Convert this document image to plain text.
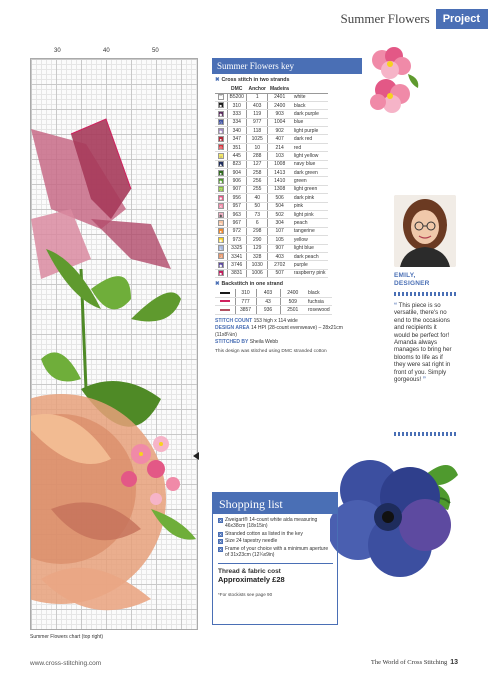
Summer Flowers	Project
30	40	50
Summer Flowers chart (top right)
Summer Flowers key
✖ Cross stitch in two strands
	DMC	Anchor	Madeira	
⌒	B5200	1	2401	white
■	310	403	2400	black
◆	333	119	903	dark purple
◇	334	977	1004	blue
◆	340	118	902	light purple
●	347	1025	407	dark red
◎	351	10	214	red
○	445	288	103	light yellow
▲	823	127	1008	navy blue
●	904	258	1413	dark green
◆	906	256	1410	green
▽	907	255	1308	light green
✱	956	40	506	dark pink
✕	957	50	504	pink
◆	963	73	502	light pink
w	967	6	304	peach
●	972	298	107	tangerine
◉	973	290	105	yellow
L	3325	129	907	light blue
J	3341	328	403	dark peach
◆	3746	1030	2702	purple
■	3831	1006	507	raspberry pink
✖ Backstitch in one strand
	310	403	2400	black
	777	43	509	fuchsia
	3857	936	2501	rosewood
STITCH COUNT 153 high x 114 wide
DESIGN AREA 14 HPI (28-count evenweave) – 28x21cm (11x8¼in)
STITCHED BY Sheila Webb
This design was stitched using DMC stranded cotton
EMILY,
DESIGNER
“ This piece is so versatile, there's no end to the occasions and recipients it would be perfect for! Amanda always manages to bring her blooms to life as if they were sat right in front of you. Simply gorgeous! ”
Shopping list
✕ Zweigart® 14-count white aida measuring 46x38cm (18x15in)
✕ Stranded cotton as listed in the key
✕ Size 24 tapestry needle
✕ Frame of your choice with a minimum aperture of 31x23cm (12¼x9in)
Thread & fabric cost
Approximately £28
*For stockists see page 90
www.cross-stitching.com	The World of Cross Stitching 13
